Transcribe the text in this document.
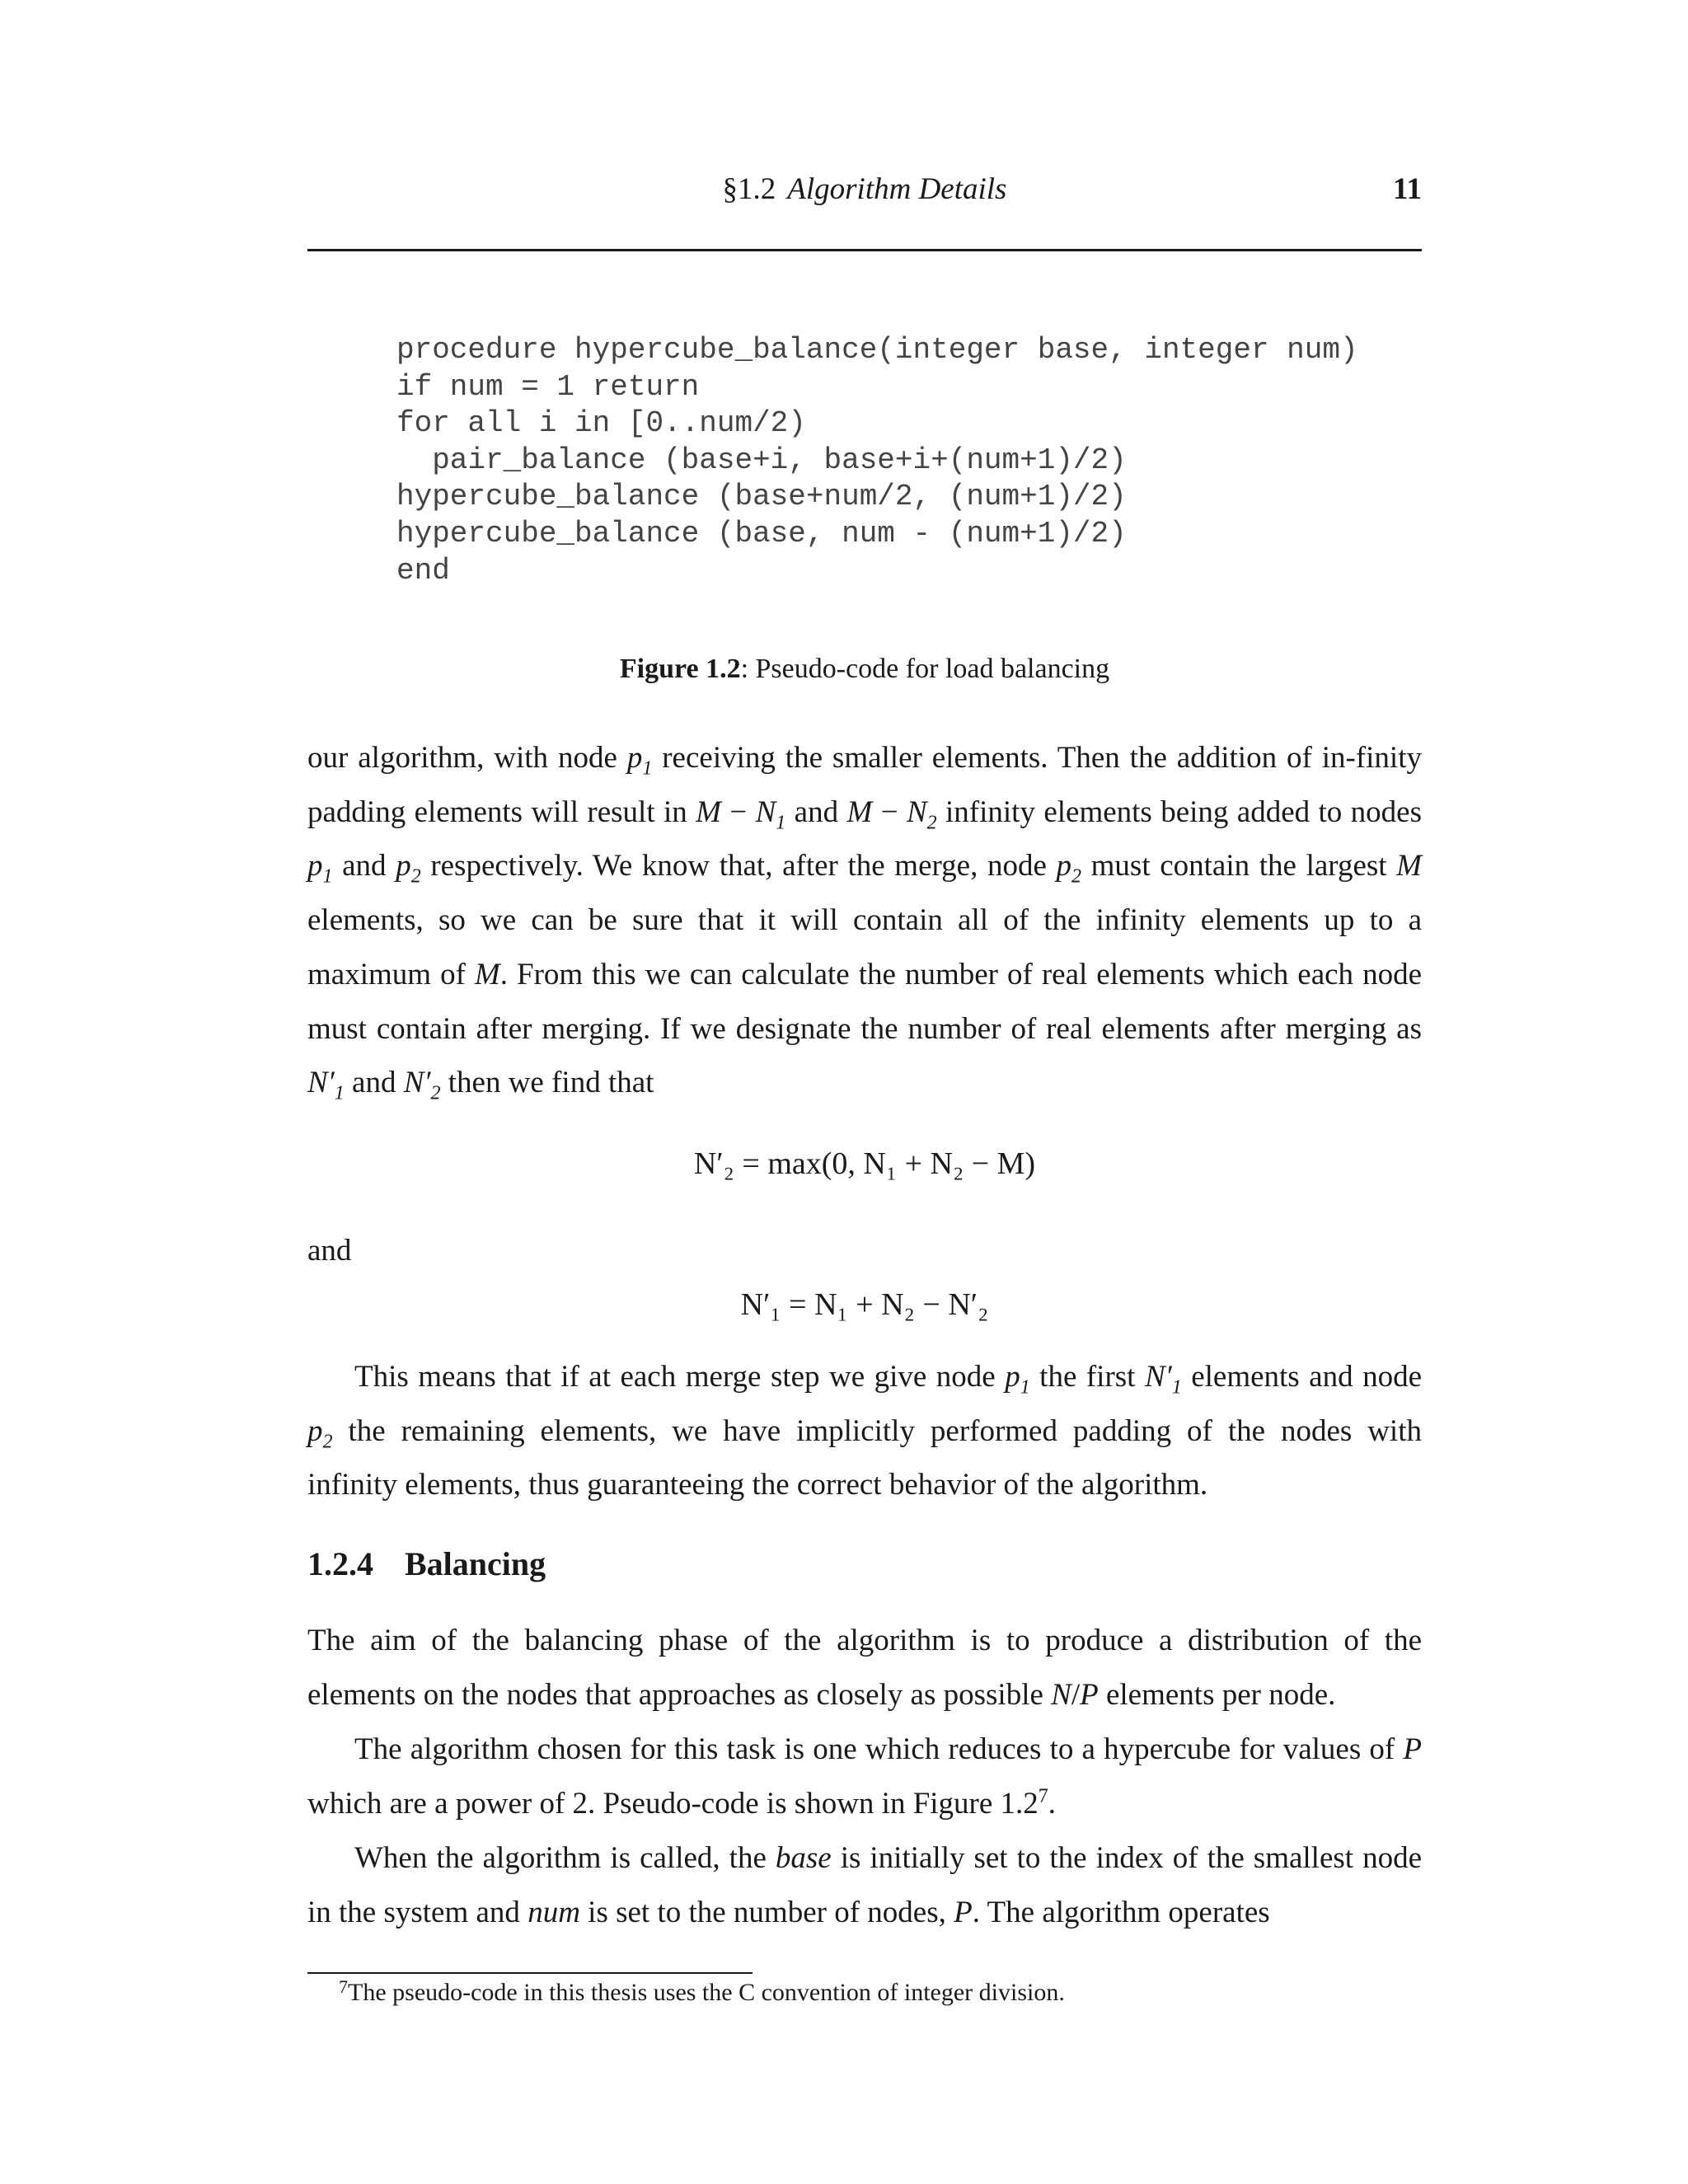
§1.2 Algorithm Details	11
procedure hypercube_balance(integer base, integer num)
if num = 1 return
for all i in [0..num/2)
pair_balance (base+i, base+i+(num+1)/2)
hypercube_balance (base+num/2, (num+1)/2)
hypercube_balance (base, num - (num+1)/2)
end
Figure 1.2: Pseudo-code for load balancing

our algorithm, with node $p_1$ receiving the smaller elements. Then the addition of in-finity padding elements will result in $M - N_1$ and $M - N_2$ infinity elements being added to nodes $p_1$ and $p_2$ respectively. We know that, after the merge, node $p_2$ must contain the largest M elements, so we can be sure that it will contain all of the infinity elements up to a maximum of M. From this we can calculate the number of real elements which each node must contain after merging. If we designate the number of real elements after merging as $N'_1$ and $N'_2$ then we find that

N′₂ = max(0, N₁ + N₂ − M)

and

N′₁ = N₁ + N₂ − N′₂

This means that if at each merge step we give node $p_1$ the first $N'_1$ elements and node $p_2$ the remaining elements, we have implicitly performed padding of the nodes with infinity elements, thus guaranteeing the correct behavior of the algorithm.

1.2.4 Balancing

The aim of the balancing phase of the algorithm is to produce a distribution of the elements on the nodes that approaches as closely as possible N/P elements per node.

The algorithm chosen for this task is one which reduces to a hypercube for values of P which are a power of 2. Pseudo-code is shown in Figure $1.2^7$.

When the algorithm is called, the base is initially set to the index of the smallest node in the system and num is set to the number of nodes, P. The algorithm operates

$^7$The pseudo-code in this thesis uses the C convention of integer division.
